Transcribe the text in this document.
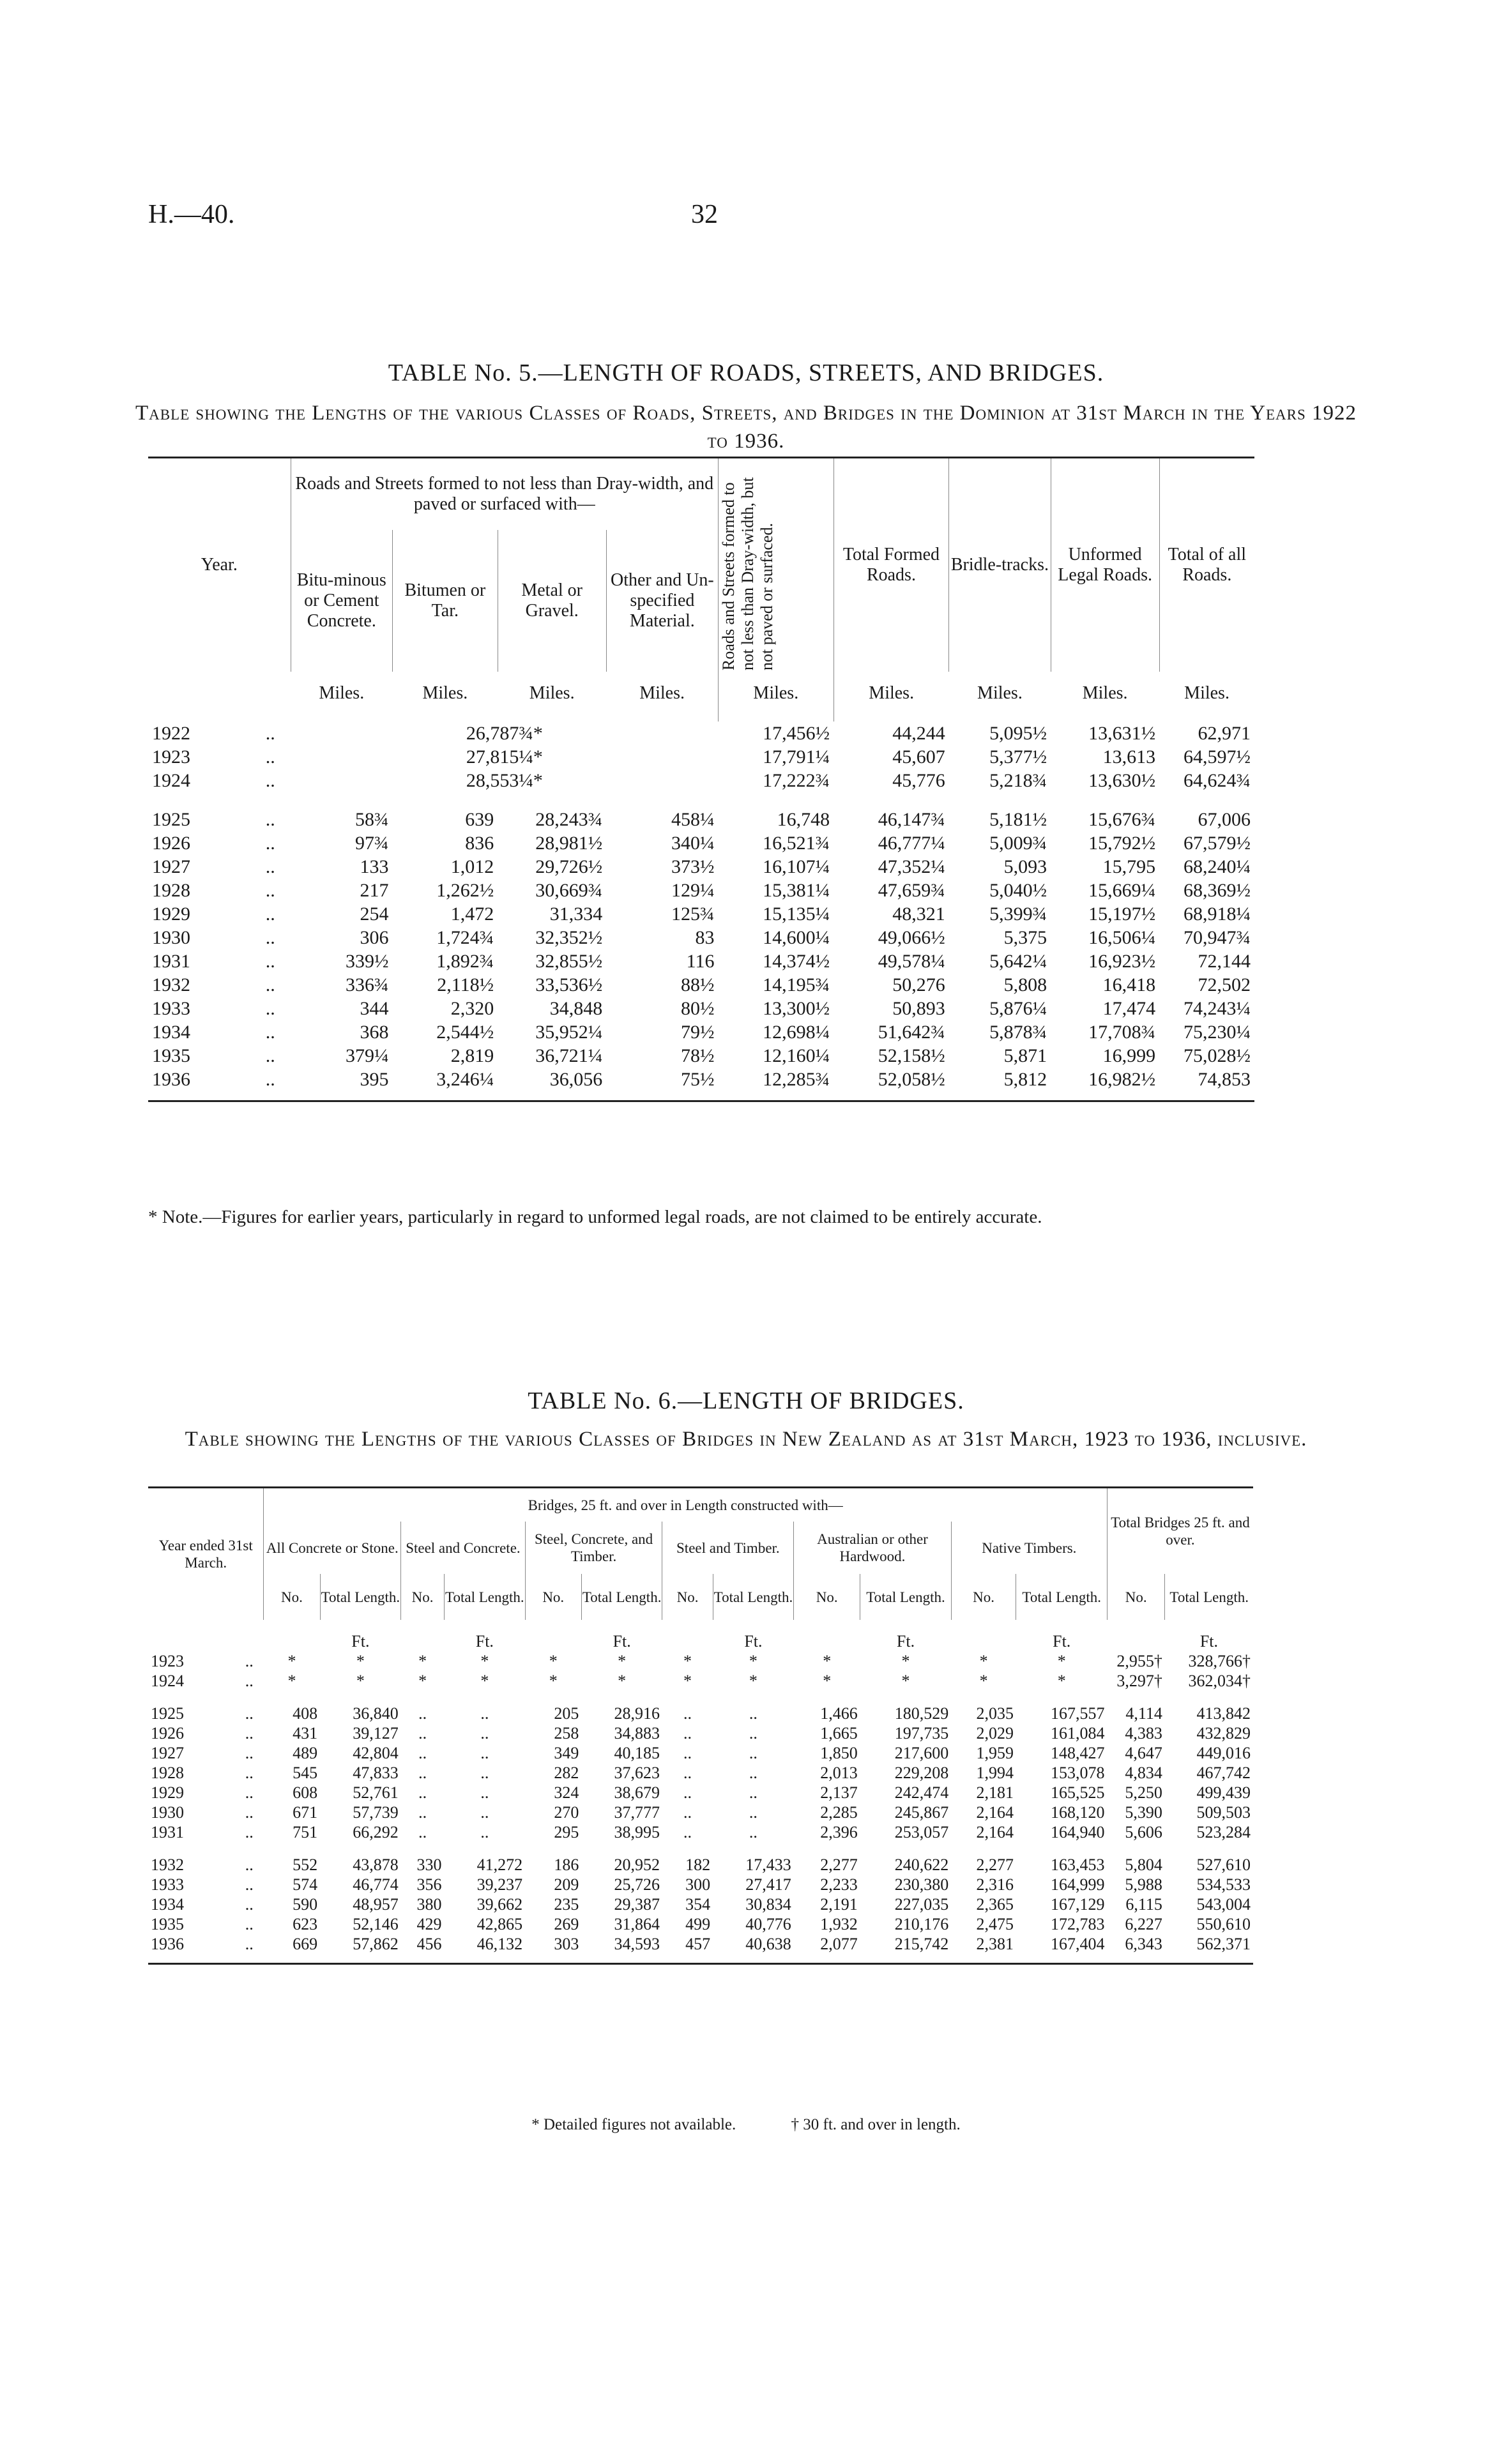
H.—40.	32
TABLE No. 5.—LENGTH OF ROADS, STREETS, AND BRIDGES.
Table showing the Lengths of the various Classes of Roads, Streets, and Bridges in the Dominion at 31st March in the Years 1922 to 1936.
Year.		Roads and Streets formed to not less than Dray-width, and paved or surfaced with—				Roads and Streets formed to not less than Dray-width, but not paved or surfaced.	Total Formed Roads.	Bridle-tracks.	Unformed Legal Roads.	Total of all Roads.
		Bitu-minous or Cement Concrete.	Bitumen or Tar.	Metal or Gravel.	Other and Un-specified Material.					
		Miles.	Miles.	Miles.	Miles.	Miles.	Miles.	Miles.	Miles.	Miles.
1922	..	26,787¾*				17,456½	44,244	5,095½	13,631½	62,971
1923	..	27,815¼*				17,791¼	45,607	5,377½	13,613	64,597½
1924	..	28,553¼*				17,222¾	45,776	5,218¾	13,630½	64,624¾

1925	..	58¾	639	28,243¾	458¼	16,748	46,147¾	5,181½	15,676¾	67,006
1926	..	97¾	836	28,981½	340¼	16,521¾	46,777¼	5,009¾	15,792½	67,579½
1927	..	133	1,012	29,726½	373½	16,107¼	47,352¼	5,093	15,795	68,240¼
1928	..	217	1,262½	30,669¾	129¼	15,381¼	47,659¾	5,040½	15,669¼	68,369½
1929	..	254	1,472	31,334	125¾	15,135¼	48,321	5,399¾	15,197½	68,918¼
1930	..	306	1,724¾	32,352½	83	14,600¼	49,066½	5,375	16,506¼	70,947¾
1931	..	339½	1,892¾	32,855½	116	14,374½	49,578¼	5,642¼	16,923½	72,144
1932	..	336¾	2,118½	33,536½	88½	14,195¾	50,276	5,808	16,418	72,502
1933	..	344	2,320	34,848	80½	13,300½	50,893	5,876¼	17,474	74,243¼
1934	..	368	2,544½	35,952¼	79½	12,698¼	51,642¾	5,878¾	17,708¾	75,230¼
1935	..	379¼	2,819	36,721¼	78½	12,160¼	52,158½	5,871	16,999	75,028½
1936	..	395	3,246¼	36,056	75½	12,285¾	52,058½	5,812	16,982½	74,853

* Note.—Figures for earlier years, particularly in regard to unformed legal roads, are not claimed to be entirely accurate.
TABLE No. 6.—LENGTH OF BRIDGES.
Table showing the Lengths of the various Classes of Bridges in New Zealand as at 31st March, 1923 to 1936, inclusive.
Year ended 31st March.		Bridges, 25 ft. and over in Length constructed with—												Total Bridges 25 ft. and over.	
		All Concrete or Stone.		Steel and Concrete.		Steel, Concrete, and Timber.		Steel and Timber.		Australian or other Hardwood.		Native Timbers.			
		No.	Total Length.	No.	Total Length.	No.	Total Length.	No.	Total Length.	No.	Total Length.	No.	Total Length.	No.	Total Length.
			Ft.		Ft.		Ft.		Ft.		Ft.		Ft.		Ft.
1923	..	*	*	*	*	*	*	*	*	*	*	*	*	2,955†	328,766†
1924	..	*	*	*	*	*	*	*	*	*	*	*	*	3,297†	362,034†

1925	..	408	36,840	..	..	205	28,916	..	..	1,466	180,529	2,035	167,557	4,114	413,842
1926	..	431	39,127	..	..	258	34,883	..	..	1,665	197,735	2,029	161,084	4,383	432,829
1927	..	489	42,804	..	..	349	40,185	..	..	1,850	217,600	1,959	148,427	4,647	449,016
1928	..	545	47,833	..	..	282	37,623	..	..	2,013	229,208	1,994	153,078	4,834	467,742
1929	..	608	52,761	..	..	324	38,679	..	..	2,137	242,474	2,181	165,525	5,250	499,439
1930	..	671	57,739	..	..	270	37,777	..	..	2,285	245,867	2,164	168,120	5,390	509,503
1931	..	751	66,292	..	..	295	38,995	..	..	2,396	253,057	2,164	164,940	5,606	523,284

1932	..	552	43,878	330	41,272	186	20,952	182	17,433	2,277	240,622	2,277	163,453	5,804	527,610
1933	..	574	46,774	356	39,237	209	25,726	300	27,417	2,233	230,380	2,316	164,999	5,988	534,533
1934	..	590	48,957	380	39,662	235	29,387	354	30,834	2,191	227,035	2,365	167,129	6,115	543,004
1935	..	623	52,146	429	42,865	269	31,864	499	40,776	1,932	210,176	2,475	172,783	6,227	550,610
1936	..	669	57,862	456	46,132	303	34,593	457	40,638	2,077	215,742	2,381	167,404	6,343	562,371

* Detailed figures not available.	† 30 ft. and over in length.
